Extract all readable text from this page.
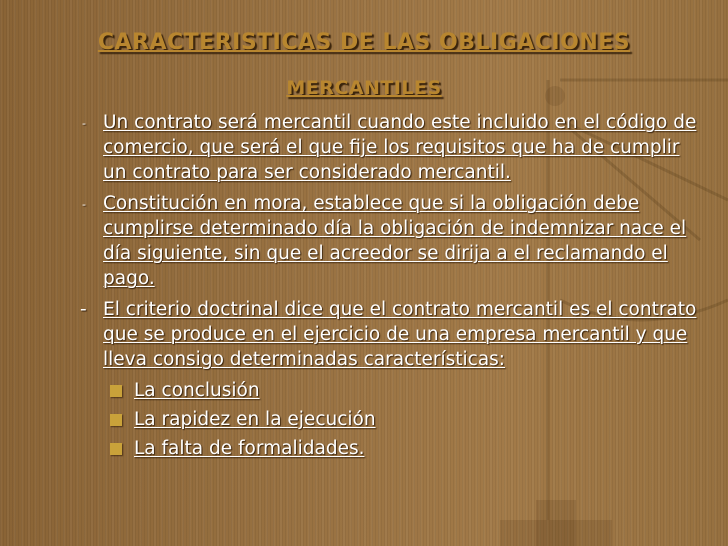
CARACTERISTICAS DE LAS OBLIGACIONES
MERCANTILES
- Un contrato será mercantil cuando este incluido en el código de comercio, que será el que fije los requisitos que ha de cumplir un contrato para ser considerado mercantil.
- Constitución en mora, establece que si la obligación debe cumplirse determinado día la obligación de indemnizar nace el día siguiente, sin que el acreedor se dirija a el reclamando el pago.
- El criterio doctrinal dice que el contrato mercantil es el contrato que se produce en el ejercicio de una empresa mercantil y que lleva consigo determinadas características:
La conclusión
La rapidez en la ejecución
La falta de formalidades.
